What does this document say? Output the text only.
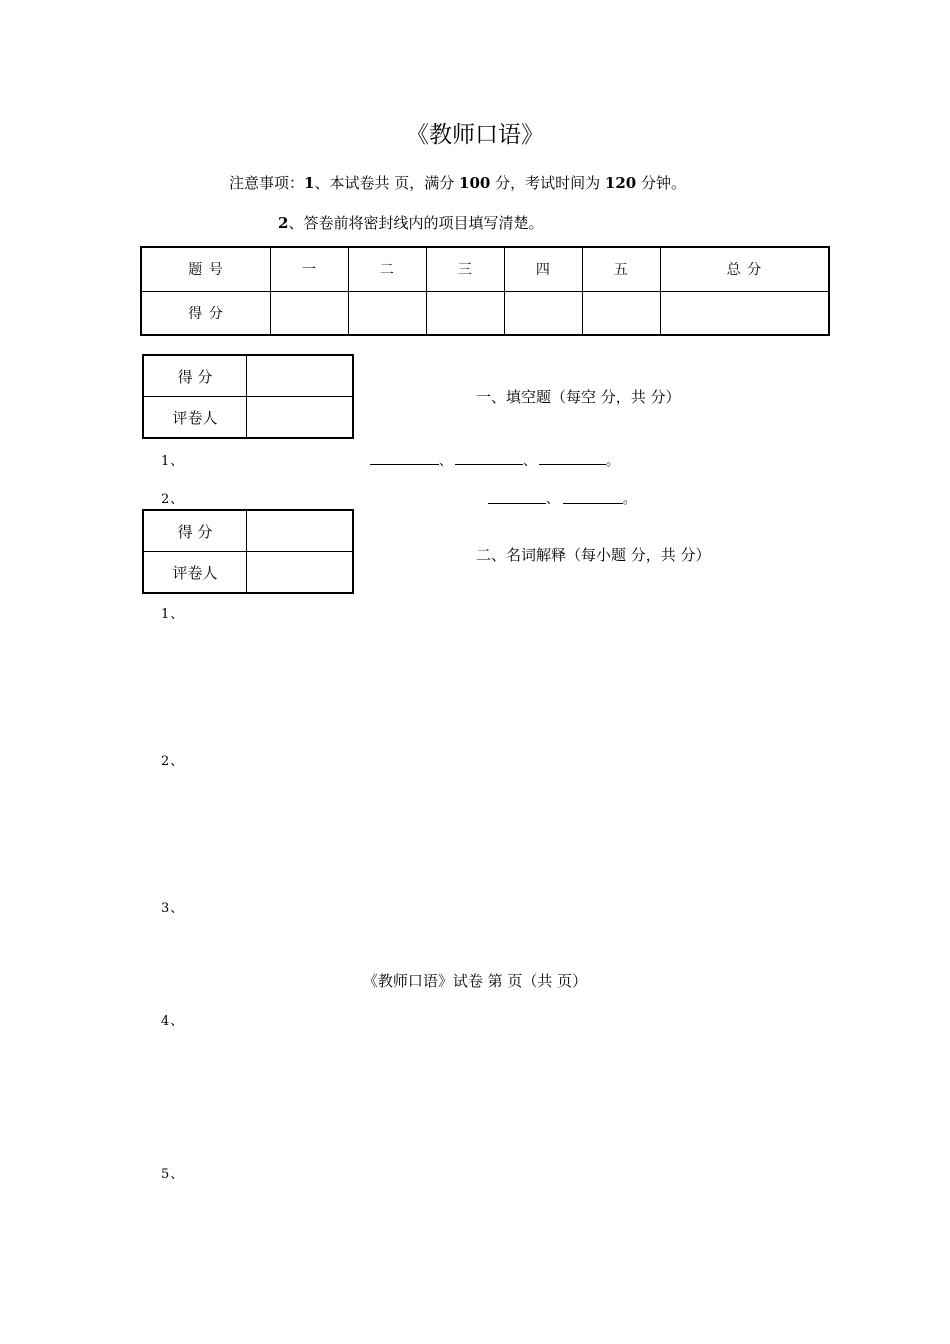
《教师口语》
注意事项：1、本试卷共 页，满分 100 分，考试时间为 120 分钟。
2、答卷前将密封线内的项目填写清楚。
题 号	一	二	三	四	五	总 分
得 分						
得 分	
评卷人	
一、填空题（每空 分，共 分）
1、	、	、	。
2、	、	。
得 分	
评卷人	
二、名词解释（每小题 分，共 分）
1、
2、
3、
《教师口语》试卷 第 页（共 页）
4、
5、
